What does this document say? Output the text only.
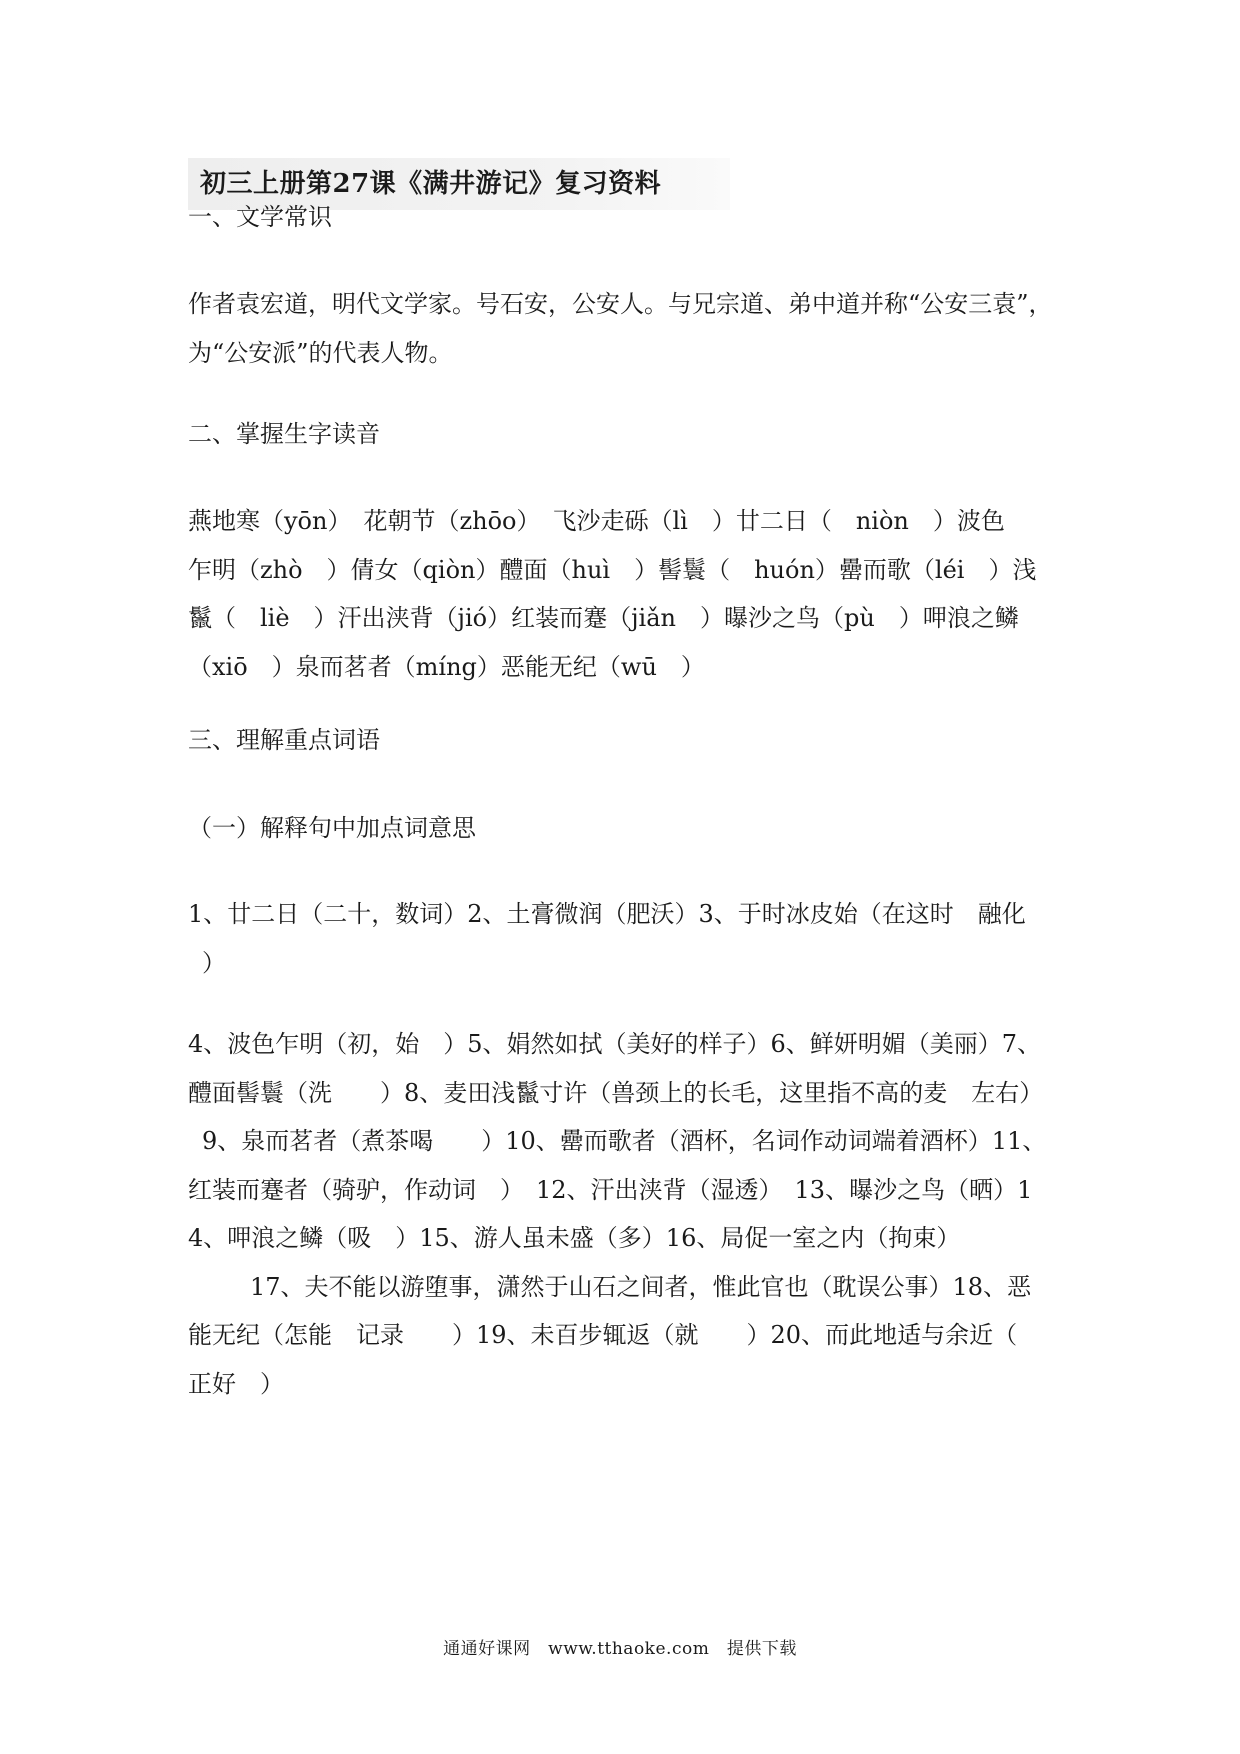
初三上册第27课《满井游记》复习资料
一、文学常识
作者袁宏道，明代文学家。号石安，公安人。与兄宗道、弟中道并称“公安三袁”，
为“公安派”的代表人物。
二、掌握生字读音
燕地寒（yōn）　花朝节（zhōo）　飞沙走砾（lì　）廿二日（　niòn　）波色
乍明（zhò　）倩女（qiòn）醴面（huì　）髻鬟（　huón）罍而歌（léi　）浅
鬣（　liè　）汗出浃背（jió）红装而蹇（jiǎn　）曝沙之鸟（pù　）呷浪之鳞
（xiō　）泉而茗者（míng）恶能无纪（wū　）
三、理解重点词语
（一）解释句中加点词意思
1、廿二日（二十，数词）2、土膏微润（肥沃）3、于时冰皮始（在这时　融化
）
4、波色乍明（初，始　）5、娟然如拭（美好的样子）6、鲜妍明媚（美丽）7、
醴面髻鬟（洗　　）8、麦田浅鬣寸许（兽颈上的长毛，这里指不高的麦　左右）
9、泉而茗者（煮茶喝　　）10、罍而歌者（酒杯，名词作动词端着酒杯）11、
红装而蹇者（骑驴，作动词　）　12、汗出浃背（湿透）　13、曝沙之鸟（晒）1
4、呷浪之鳞（吸　）15、游人虽未盛（多）16、局促一室之内（拘束）
17、夫不能以游堕事，潇然于山石之间者，惟此官也（耽误公事）18、恶
能无纪（怎能　记录　　）19、未百步辄返（就　　）20、而此地适与余近（
正好　）
通通好课网　www.tthaoke.com　提供下载
